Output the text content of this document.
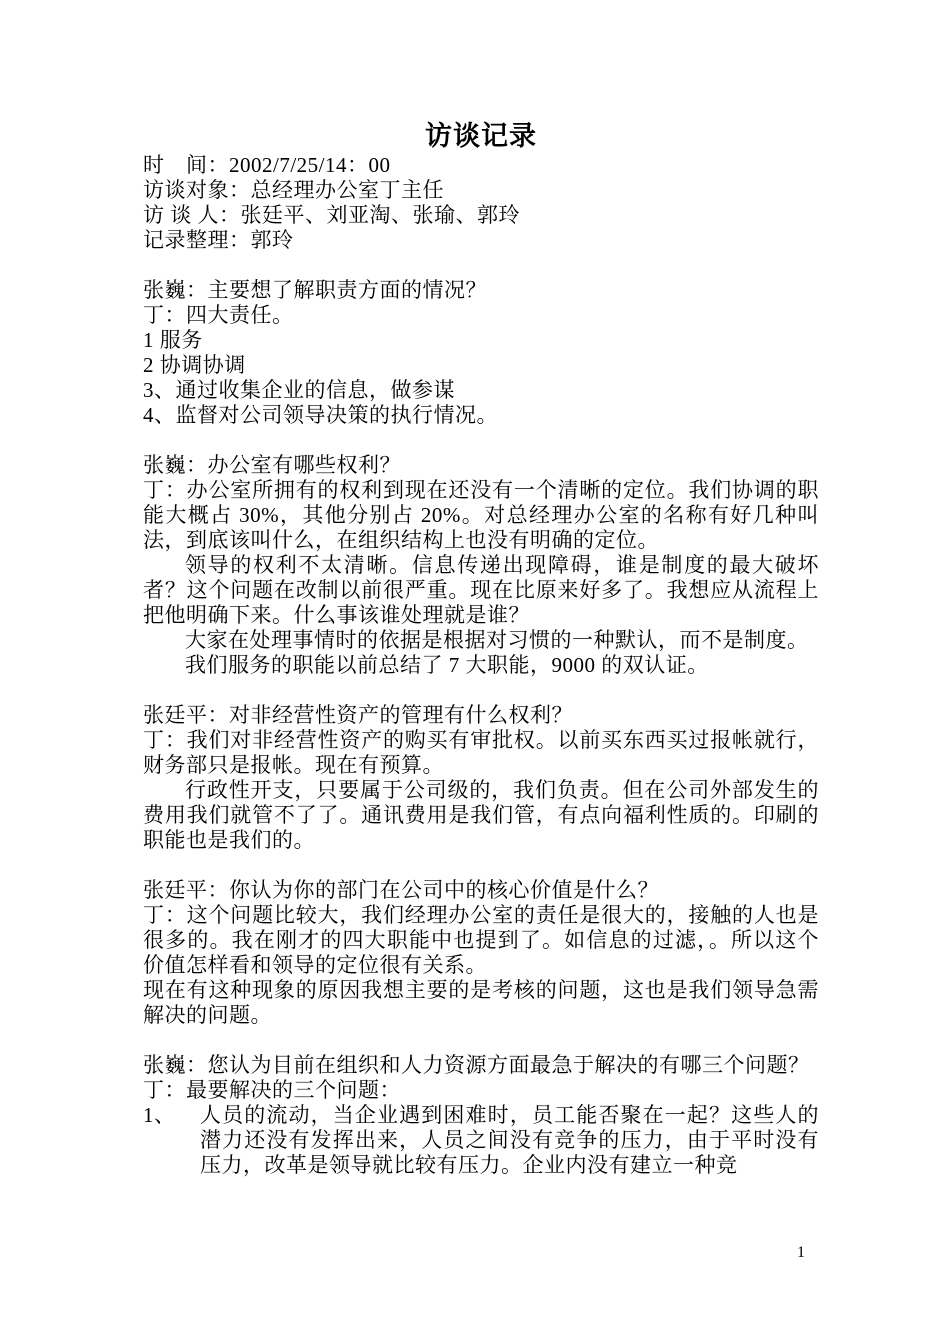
访谈记录

时　间：2002/7/25/14：00

访谈对象：总经理办公室丁主任

访 谈 人：张廷平、刘亚淘、张瑜、郭玲

记录整理：郭玲

张巍：主要想了解职责方面的情况？

丁：四大责任。

1 服务

2 协调协调

3、通过收集企业的信息，做参谋

4、监督对公司领导决策的执行情况。

张巍：办公室有哪些权利？

丁：办公室所拥有的权利到现在还没有一个清晰的定位。我们协调的职能大概占 30%，其他分别占 20%。对总经理办公室的名称有好几种叫法，到底该叫什么，在组织结构上也没有明确的定位。

领导的权利不太清晰。信息传递出现障碍，谁是制度的最大破坏者？这个问题在改制以前很严重。现在比原来好多了。我想应从流程上把他明确下来。什么事该谁处理就是谁？

大家在处理事情时的依据是根据对习惯的一种默认，而不是制度。

我们服务的职能以前总结了 7 大职能，9000 的双认证。

张廷平：对非经营性资产的管理有什么权利？

丁：我们对非经营性资产的购买有审批权。以前买东西买过报帐就行，财务部只是报帐。现在有预算。

行政性开支，只要属于公司级的，我们负责。但在公司外部发生的费用我们就管不了了。通讯费用是我们管，有点向福利性质的。印刷的职能也是我们的。

张廷平：你认为你的部门在公司中的核心价值是什么？

丁：这个问题比较大，我们经理办公室的责任是很大的，接触的人也是很多的。我在刚才的四大职能中也提到了。如信息的过滤，。所以这个价值怎样看和领导的定位很有关系。

现在有这种现象的原因我想主要的是考核的问题，这也是我们领导急需解决的问题。

张巍：您认为目前在组织和人力资源方面最急于解决的有哪三个问题？

丁：最要解决的三个问题：

1、	人员的流动，当企业遇到困难时，员工能否聚在一起？这些人的潜力还没有发挥出来，人员之间没有竞争的压力，由于平时没有压力，改革是领导就比较有压力。企业内没有建立一种竞
1
